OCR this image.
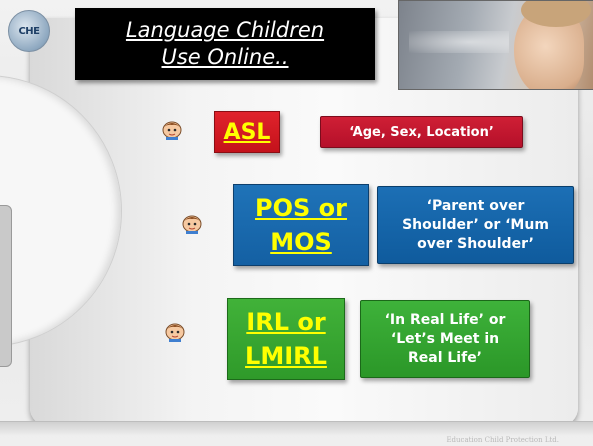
CHE	Language Children
Use Online..
ASL	‘Age, Sex, Location’
POS or
MOS
‘Parent over Shoulder’ or ‘Mum over Shoulder’
IRL or
LMIRL
‘In Real Life’ or ‘Let’s Meet in Real Life’
Education Child Protection Ltd.
